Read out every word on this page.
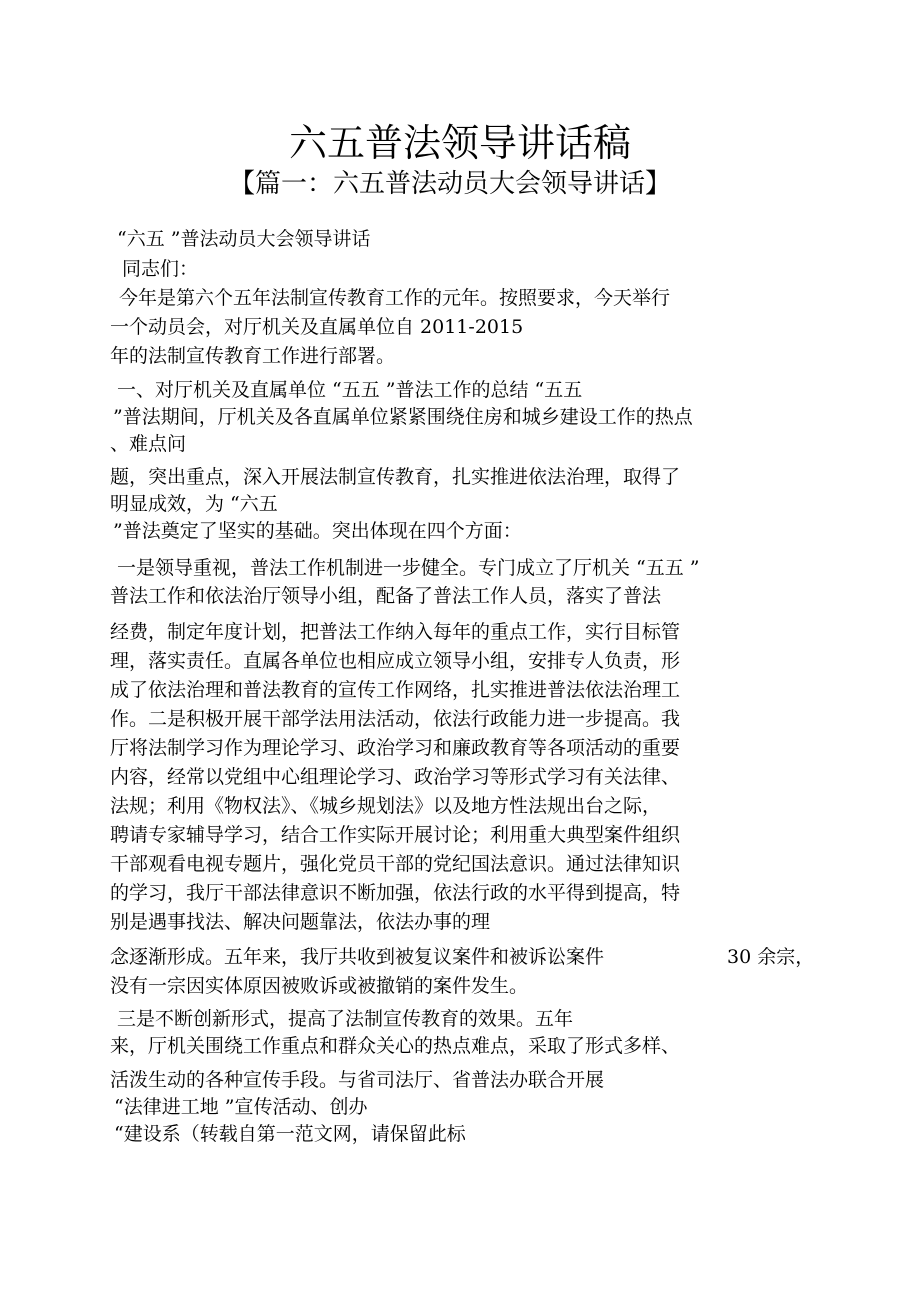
六五普法领导讲话稿
【篇一：六五普法动员大会领导讲话】
“六五 ”普法动员大会领导讲话
同志们：
今年是第六个五年法制宣传教育工作的元年。按照要求，今天举行
一个动员会，对厅机关及直属单位自 2011-2015
年的法制宣传教育工作进行部署。
一、对厅机关及直属单位 “五五 ”普法工作的总结 “五五
”普法期间，厅机关及各直属单位紧紧围绕住房和城乡建设工作的热点
、难点问
题，突出重点，深入开展法制宣传教育，扎实推进依法治理，取得了
明显成效，为 “六五
”普法奠定了坚实的基础。突出体现在四个方面：
一是领导重视，普法工作机制进一步健全。专门成立了厅机关 “五五 ”
普法工作和依法治厅领导小组，配备了普法工作人员，落实了普法
经费，制定年度计划，把普法工作纳入每年的重点工作，实行目标管
理，落实责任。直属各单位也相应成立领导小组，安排专人负责，形
成了依法治理和普法教育的宣传工作网络，扎实推进普法依法治理工
作。二是积极开展干部学法用法活动，依法行政能力进一步提高。我
厅将法制学习作为理论学习、政治学习和廉政教育等各项活动的重要
内容，经常以党组中心组理论学习、政治学习等形式学习有关法律、
法规；利用《物权法》、《城乡规划法》以及地方性法规出台之际，
聘请专家辅导学习，结合工作实际开展讨论；利用重大典型案件组织
干部观看电视专题片，强化党员干部的党纪国法意识。通过法律知识
的学习，我厅干部法律意识不断加强，依法行政的水平得到提高，特
别是遇事找法、解决问题靠法，依法办事的理
念逐渐形成。五年来，我厅共收到被复议案件和被诉讼案件	30 余宗，
没有一宗因实体原因被败诉或被撤销的案件发生。
三是不断创新形式，提高了法制宣传教育的效果。五年
来，厅机关围绕工作重点和群众关心的热点难点，采取了形式多样、
活泼生动的各种宣传手段。与省司法厅、省普法办联合开展
“法律进工地 ”宣传活动、创办
“建设系（转载自第一范文网，请保留此标
